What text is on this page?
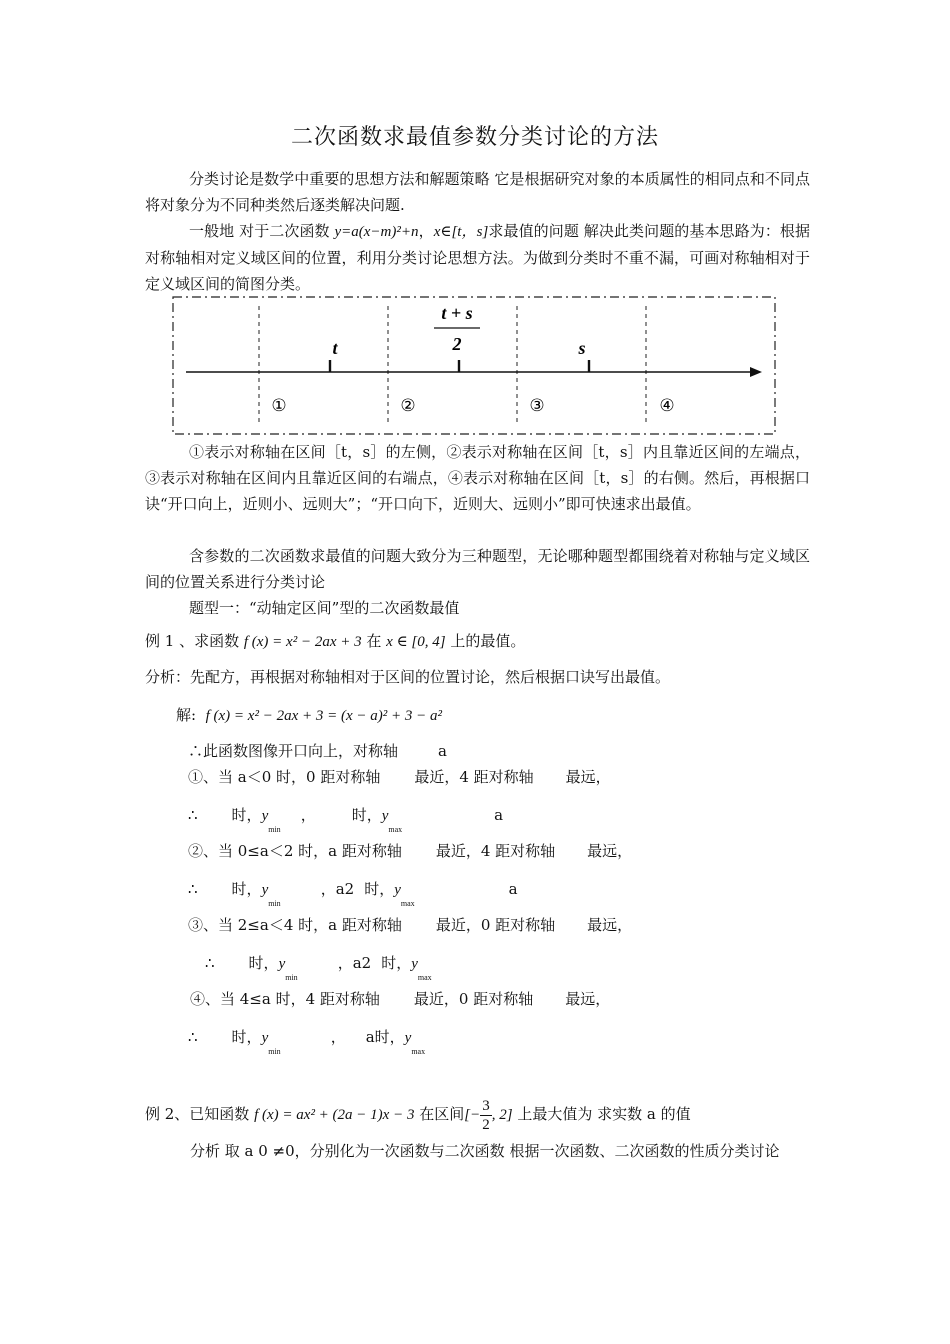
二次函数求最值参数分类讨论的方法
分类讨论是数学中重要的思想方法和解题策略 它是根据研究对象的本质属性的相同点和不同点 将对象分为不同种类然后逐类解决问题.
一般地 对于二次函数 y=a(x−m)²+n，x∈[t，s]求最值的问题 解决此类问题的基本思路为：根据对称轴相对定义域区间的位置，利用分类讨论思想方法。为做到分类时不重不漏，可画对称轴相对于定义域区间的简图分类。
t
t + s
2	s
①	②	③	④
①表示对称轴在区间［t，s］的左侧，②表示对称轴在区间［t，s］内且靠近区间的左端点，③表示对称轴在区间内且靠近区间的右端点，④表示对称轴在区间［t，s］的右侧。然后，再根据口诀“开口向上，近则小、远则大”；“开口向下，近则大、远则小”即可快速求出最值。
含参数的二次函数求最值的问题大致分为三种题型，无论哪种题型都围绕着对称轴与定义域区间的位置关系进行分类讨论
题型一：“动轴定区间”型的二次函数最值
例 1 、求函数 f (x) = x² − 2ax + 3 在 x ∈ [0, 4] 上的最值。
分析：先配方，再根据对称轴相对于区间的位置讨论，然后根据口诀写出最值。
解: f (x) = x² − 2ax + 3 = (x − a)² + 3 − a²
∴此函数图像开口向上，对称轴	a
①、当 a＜0 时，0 距对称轴 最近，4 距对称轴 最远，
∴ 时，$y_{min}$， 时，$y_{max}a$
②、当 0≤a＜2 时，a 距对称轴 最近，4 距对称轴 最远，
∴ 时，$y_{min}$，a2 时，$y_{max}a$
③、当 2≤a＜4 时，a 距对称轴 最近，0 距对称轴 最远，
∴ 时，$y_{min}$，a2 时，$y_{max}$
④、当 4≤a 时，4 距对称轴 最近，0 距对称轴 最远，
∴ 时，$y_{min}$， a时，$y_{max}$
例 2、已知函数 f (x) = ax² + (2a − 1)x − 3 在区间[− $\frac{3}{2}$ , 2] 上最大值为 求实数 a 的值
分析 取 a 0 ≠0，分别化为一次函数与二次函数 根据一次函数、二次函数的性质分类讨论
